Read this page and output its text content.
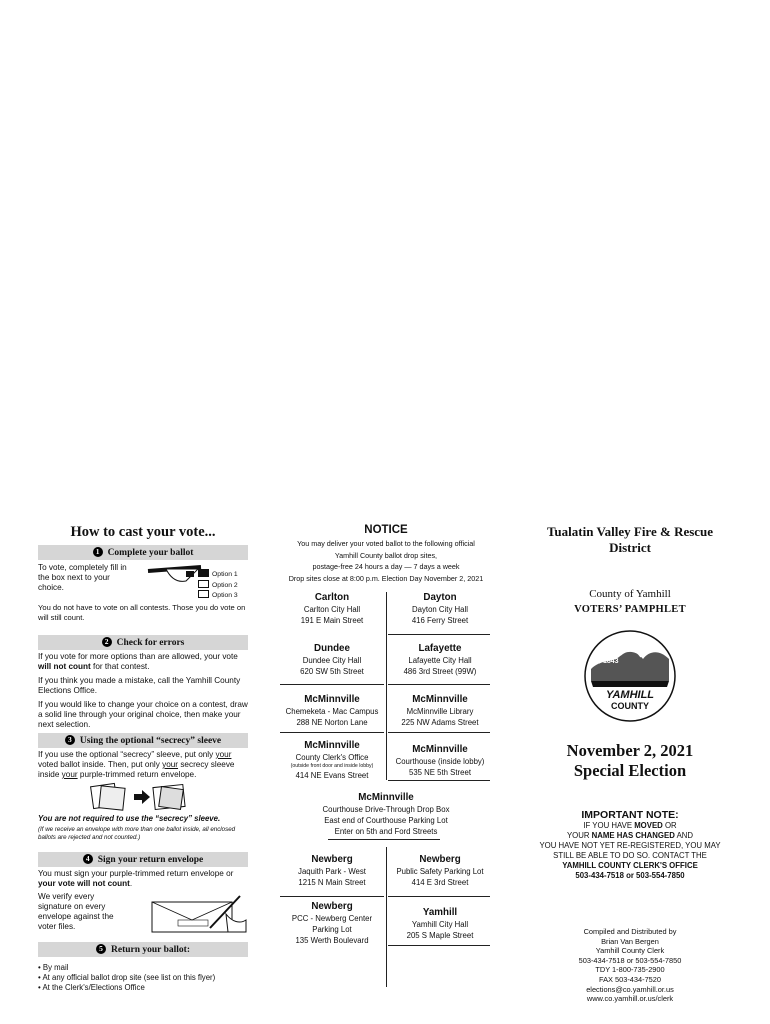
How to cast your vote...
1 Complete your ballot
To vote, completely fill in the box next to your choice.
Option 1
Option 2
Option 3
You do not have to vote on all contests. Those you do vote on will still count.
2 Check for errors
If you vote for more options than are allowed, your vote will not count for that contest.
If you think you made a mistake, call the Yamhill County Elections Office.
If you would like to change your choice on a contest, draw a solid line through your original choice, then make your next selection.
3 Using the optional “secrecy” sleeve
If you use the optional “secrecy” sleeve, put only your voted ballot inside. Then, put only your secrecy sleeve inside your purple-trimmed return envelope.
You are not required to use the “secrecy” sleeve.
(If we receive an envelope with more than one ballot inside, all enclosed ballots are rejected and not counted.)
4 Sign your return envelope
You must sign your purple-trimmed return envelope or your vote will not count.
We verify every signature on every envelope against the voter files.
5 Return your ballot:
• By mail
• At any official ballot drop site (see list on this flyer)
• At the Clerk's/Elections Office
NOTICE
You may deliver your voted ballot to the following official
Yamhill County ballot drop sites,
postage-free 24 hours a day — 7 days a week
Drop sites close at 8:00 p.m. Election Day November 2, 2021
Carlton
Carlton City Hall
191 E Main Street
Dayton
Dayton City Hall
416 Ferry Street
Dundee
Dundee City Hall
620 SW 5th Street
Lafayette
Lafayette City Hall
486 3rd Street (99W)
McMinnville
Chemeketa - Mac Campus
288 NE Norton Lane
McMinnville
McMinnville Library
225 NW Adams Street
McMinnville
County Clerk's Office
(outside front door and inside lobby)
414 NE Evans Street
McMinnville
Courthouse (inside lobby)
535 NE 5th Street
McMinnville
Courthouse Drive-Through Drop Box
East end of Courthouse Parking Lot
Enter on 5th and Ford Streets
Newberg
Jaquith Park - West
1215 N Main Street
Newberg
Public Safety Parking Lot
414 E 3rd Street
Newberg
PCC - Newberg Center
Parking Lot
135 Werth Boulevard
Yamhill
Yamhill City Hall
205 S Maple Street
Tualatin Valley Fire & Rescue
District
County of Yamhill
VOTERS’ PAMPHLET
1843
YAMHILL
COUNTY
November 2, 2021
Special Election
IMPORTANT NOTE:
IF YOU HAVE MOVED OR
YOUR NAME HAS CHANGED AND
YOU HAVE NOT YET RE-REGISTERED, YOU MAY
STILL BE ABLE TO DO SO. CONTACT THE
YAMHILL COUNTY CLERK'S OFFICE
503-434-7518 or 503-554-7850
Compiled and Distributed by
Brian Van Bergen
Yamhill County Clerk
503-434-7518 or 503-554-7850
TDY 1-800-735-2900
FAX 503-434-7520
elections@co.yamhill.or.us
www.co.yamhill.or.us/clerk
